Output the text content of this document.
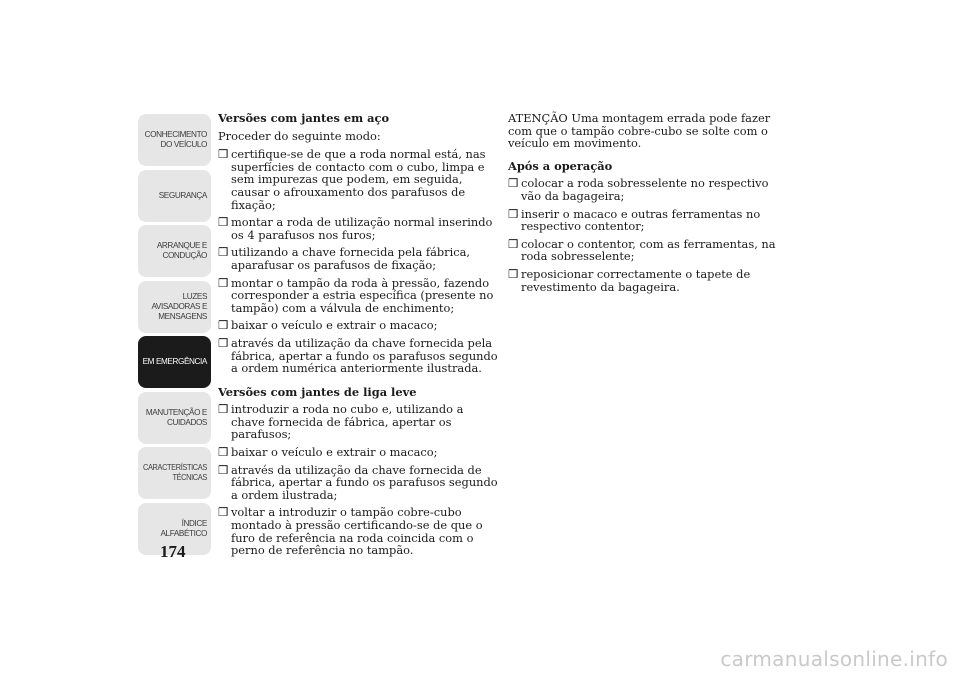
CONHECIMENTO
DO VEÍCULO
SEGURANÇA
ARRANQUE E
CONDUÇÃO
LUZES
AVISADORAS E
MENSAGENS
EM EMERGÊNCIA
MANUTENÇÃO E
CUIDADOS
CARACTERÍSTICAS
TÉCNICAS
ÍNDICE
ALFABÉTICO
174
Versões com jantes em aço
Proceder do seguinte modo:
❒ certifique-se de que a roda normal está, nas superfícies de contacto com o cubo, limpa e sem impurezas que podem, em seguida, causar o afrouxamento dos parafusos de fixação;
❒ montar a roda de utilização normal inserindo os 4 parafusos nos furos;
❒ utilizando a chave fornecida pela fábrica, aparafusar os parafusos de fixação;
❒ montar o tampão da roda à pressão, fazendo corresponder a estria específica (presente no tampão) com a válvula de enchimento;
❒ baixar o veículo e extrair o macaco;
❒ através da utilização da chave fornecida pela fábrica, apertar a fundo os parafusos segundo a ordem numérica anteriormente ilustrada.
Versões com jantes de liga leve
❒ introduzir a roda no cubo e, utilizando a chave fornecida de fábrica, apertar os parafusos;
❒ baixar o veículo e extrair o macaco;
❒ através da utilização da chave fornecida de fábrica, apertar a fundo os parafusos segundo a ordem ilustrada;
❒ voltar a introduzir o tampão cobre-cubo montado à pressão certificando-se de que o furo de referência na roda coincida com o perno de referência no tampão.
ATENÇÃO Uma montagem errada pode fazer com que o tampão cobre-cubo se solte com o veículo em movimento.
Após a operação
❒ colocar a roda sobresselente no respectivo vão da bagageira;
❒ inserir o macaco e outras ferramentas no respectivo contentor;
❒ colocar o contentor, com as ferramentas, na roda sobresselente;
❒ reposicionar correctamente o tapete de revestimento da bagageira.
carmanualsonline.info
